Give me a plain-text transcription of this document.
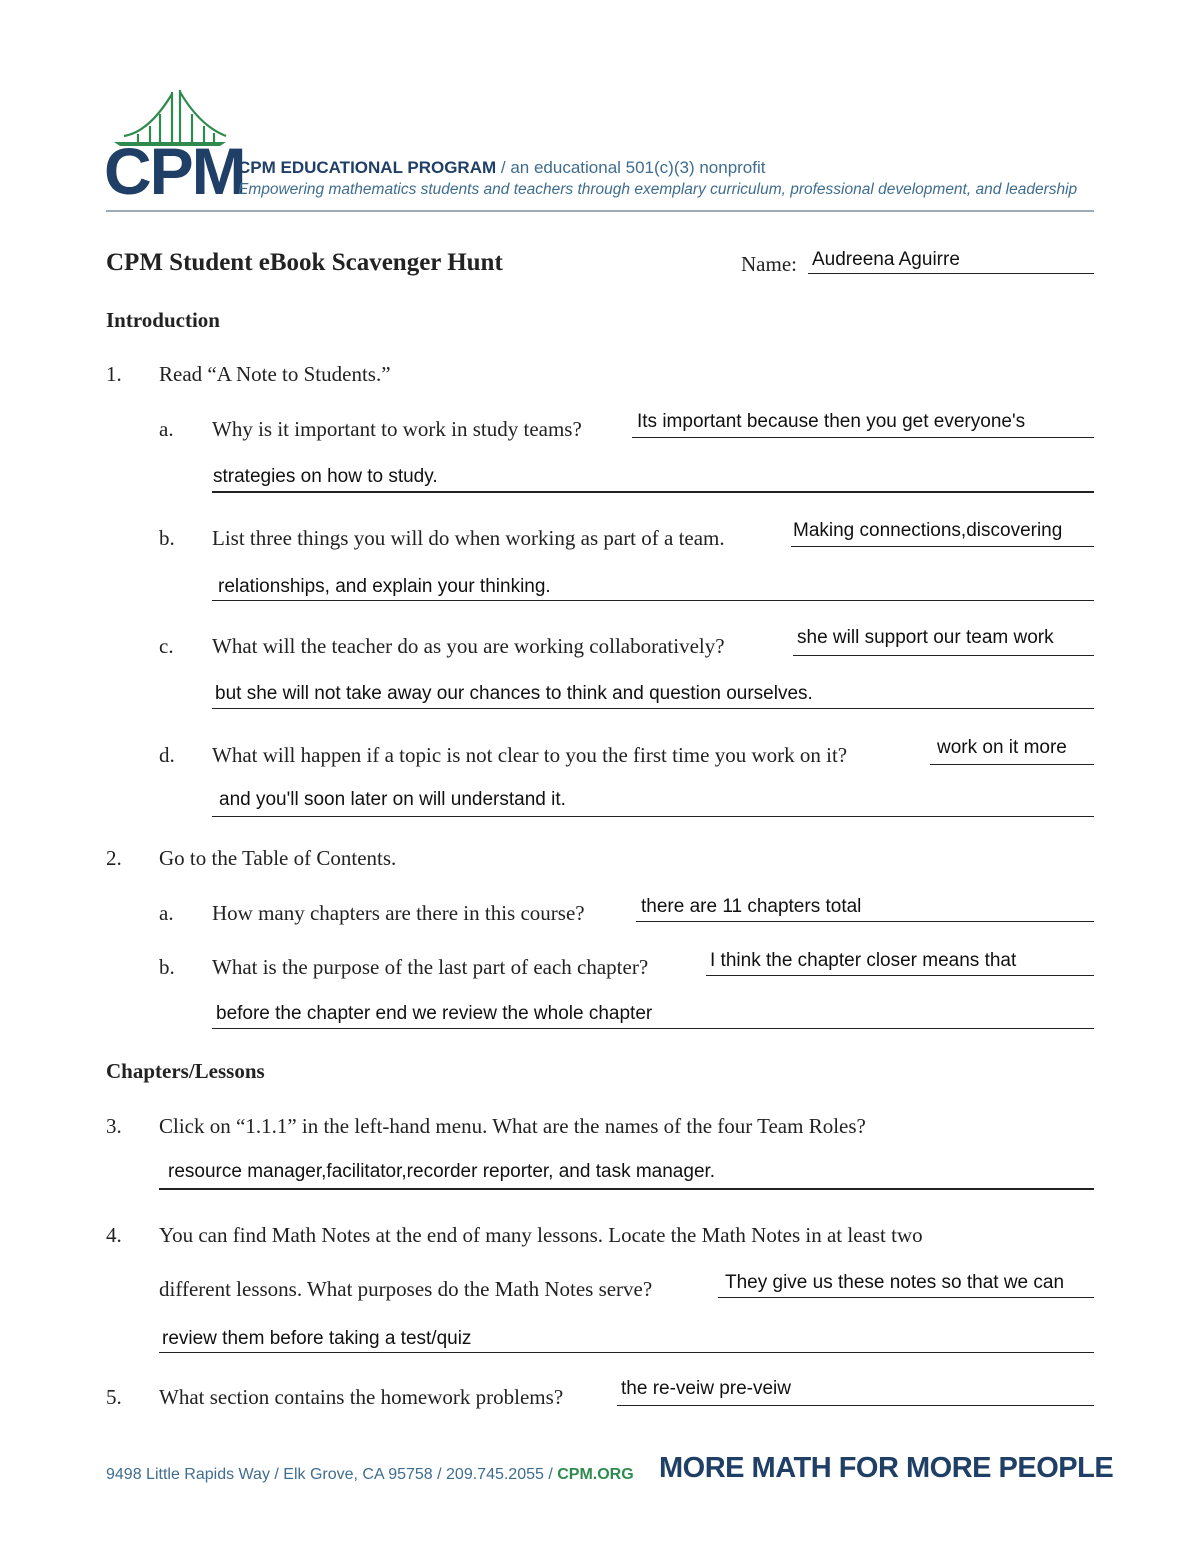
CPM
CPM EDUCATIONAL PROGRAM / an educational 501(c)(3) nonprofit
Empowering mathematics students and teachers through exemplary curriculum, professional development, and leadership
CPM Student eBook Scavenger Hunt	Name: Audreena Aguirre
Introduction
1. Read “A Note to Students.”
a. Why is it important to work in study teams?	Its important because then you get everyone's
strategies on how to study.
b. List three things you will do when working as part of a team.	Making connections,discovering
relationships, and explain your thinking.
c. What will the teacher do as you are working collaboratively?	she will support our team work
but she will not take away our chances to think and question ourselves.
d. What will happen if a topic is not clear to you the first time you work on it?	work on it more
and you'll soon later on will understand it.
2. Go to the Table of Contents.
a. How many chapters are there in this course?	there are 11 chapters total
b. What is the purpose of the last part of each chapter?	I think the chapter closer means that
before the chapter end we review the whole chapter
Chapters/Lessons
3. Click on “1.1.1” in the left-hand menu. What are the names of the four Team Roles?
resource manager,facilitator,recorder reporter, and task manager.
4. You can find Math Notes at the end of many lessons. Locate the Math Notes in at least two
different lessons. What purposes do the Math Notes serve?	They give us these notes so that we can
review them before taking a test/quiz
5. What section contains the homework problems?	the re-veiw pre-veiw
9498 Little Rapids Way / Elk Grove, CA 95758 / 209.745.2055 / CPM.ORG MORE MATH FOR MORE PEOPLE
